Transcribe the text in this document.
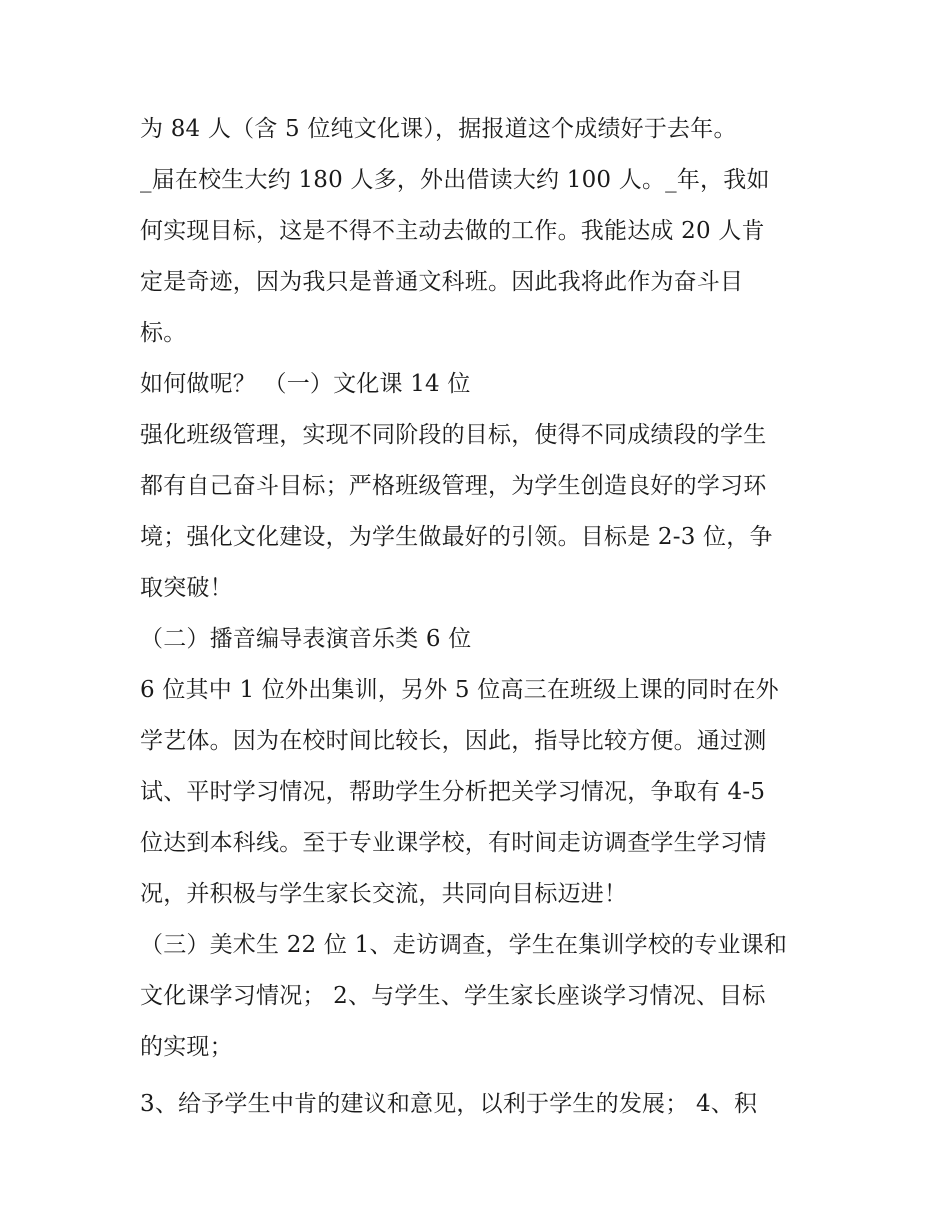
为 84 人（含 5 位纯文化课），据报道这个成绩好于去年。
_届在校生大约 180 人多，外出借读大约 100 人。_年，我如
何实现目标，这是不得不主动去做的工作。我能达成 20 人肯
定是奇迹，因为我只是普通文科班。因此我将此作为奋斗目
标。
如何做呢？ （一）文化课 14 位
强化班级管理，实现不同阶段的目标，使得不同成绩段的学生
都有自己奋斗目标；严格班级管理，为学生创造良好的学习环
境；强化文化建设，为学生做最好的引领。目标是 2-3 位，争
取突破！
（二）播音编导表演音乐类 6 位
6 位其中 1 位外出集训，另外 5 位高三在班级上课的同时在外
学艺体。因为在校时间比较长，因此，指导比较方便。通过测
试、平时学习情况，帮助学生分析把关学习情况，争取有 4-5
位达到本科线。至于专业课学校，有时间走访调查学生学习情
况，并积极与学生家长交流，共同向目标迈进！
（三）美术生 22 位 1、走访调查，学生在集训学校的专业课和
文化课学习情况； 2、与学生、学生家长座谈学习情况、目标
的实现；
3、给予学生中肯的建议和意见，以利于学生的发展； 4、积
